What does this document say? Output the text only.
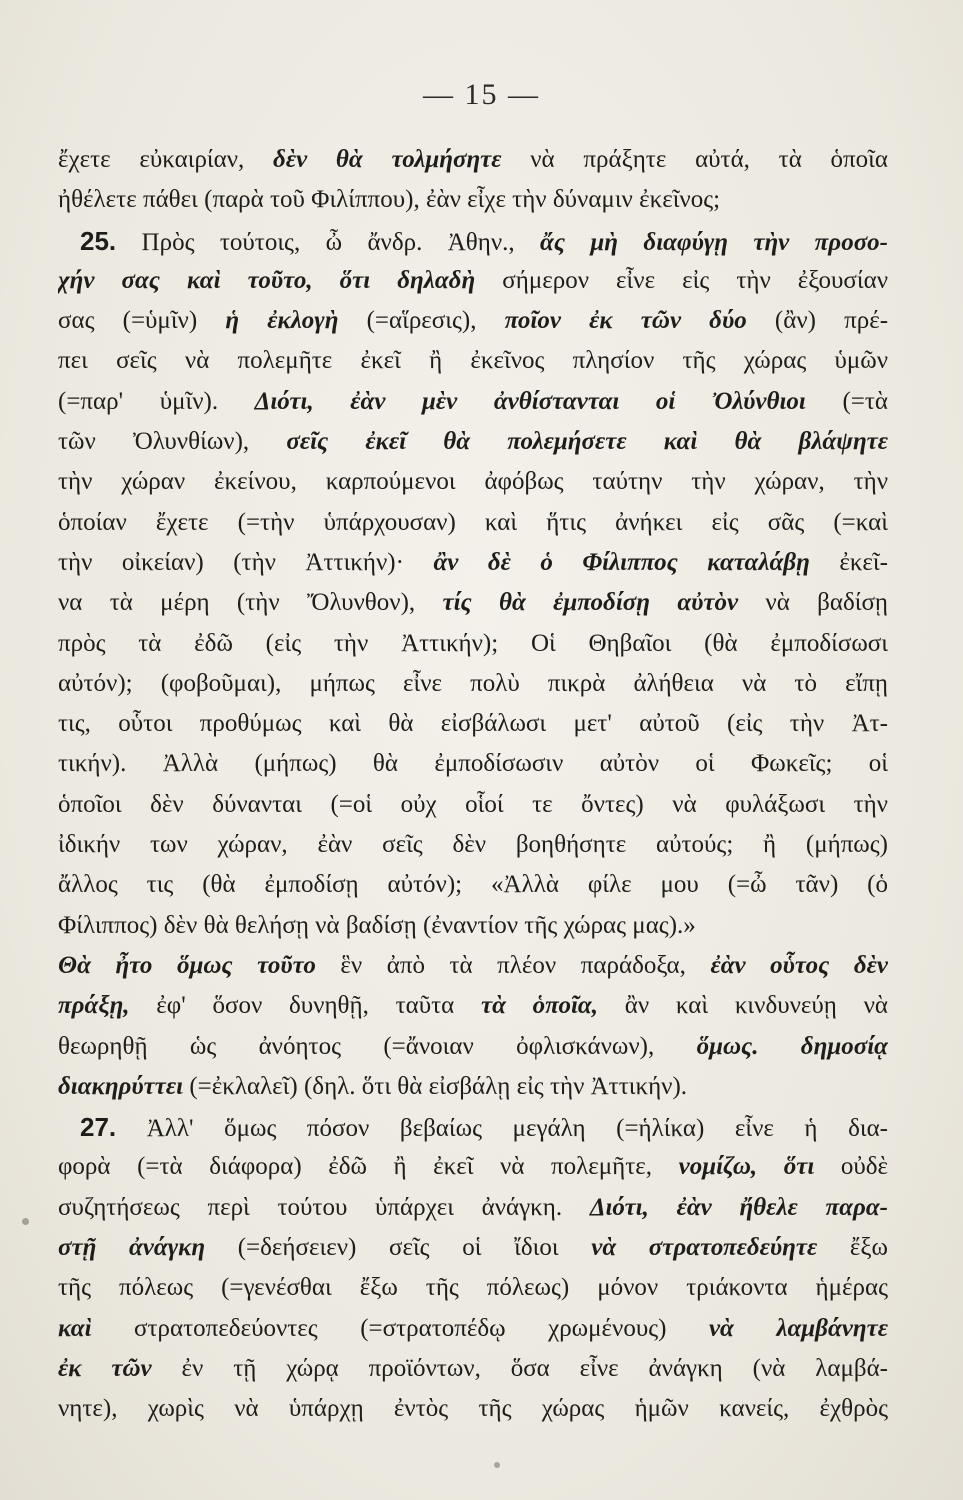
— 15 —
ἔχετε εὐκαιρίαν, δὲν θὰ τολμήσητε νὰ πράξητε αὐτά, τὰ ὁποῖα
ἠθέλετε πάθει (παρὰ τοῦ Φιλίππου), ἐὰν εἶχε τὴν δύναμιν ἐκεῖνος;
25. Πρὸς τούτοις, ὦ ἄνδρ. Ἀθην., ἄς μὴ διαφύγῃ τὴν προσο-
χήν σας καὶ τοῦτο, ὅτι δηλαδὴ σήμερον εἶνε εἰς τὴν ἐξουσίαν
σας (=ὑμῖν) ἡ ἐκλογὴ (=αἵρεσις), ποῖον ἐκ τῶν δύο (ἂν) πρέ-
πει σεῖς νὰ πολεμῆτε ἐκεῖ ἢ ἐκεῖνος πλησίον τῆς χώρας ὑμῶν
(=παρ' ὑμῖν). Διότι, ἐὰν μὲν ἀνθίστανται οἱ Ὀλύνθιοι (=τὰ
τῶν Ὀλυνθίων), σεῖς ἐκεῖ θὰ πολεμήσετε καὶ θὰ βλάψητε
τὴν χώραν ἐκείνου, καρπούμενοι ἀφόβως ταύτην τὴν χώραν, τὴν
ὁποίαν ἔχετε (=τὴν ὑπάρχουσαν) καὶ ἥτις ἀνήκει εἰς σᾶς (=καὶ
τὴν οἰκείαν) (τὴν Ἀττικήν)· ἂν δὲ ὁ Φίλιππος καταλάβῃ ἐκεῖ-
να τὰ μέρη (τὴν Ὄλυνθον), τίς θὰ ἐμποδίσῃ αὐτὸν νὰ βαδίσῃ
πρὸς τὰ ἐδῶ (εἰς τὴν Ἀττικήν); Οἱ Θηβαῖοι (θὰ ἐμποδίσωσι
αὐτόν); (φοβοῦμαι), μήπως εἶνε πολὺ πικρὰ ἀλήθεια νὰ τὸ εἴπῃ
τις, οὗτοι προθύμως καὶ θὰ εἰσβάλωσι μετ' αὐτοῦ (εἰς τὴν Ἀτ-
τικήν). Ἀλλὰ (μήπως) θὰ ἐμποδίσωσιν αὐτὸν οἱ Φωκεῖς; οἱ
ὁποῖοι δὲν δύνανται (=οἱ οὐχ οἷοί τε ὄντες) νὰ φυλάξωσι τὴν
ἰδικήν των χώραν, ἐὰν σεῖς δὲν βοηθήσητε αὐτούς; ἢ (μήπως)
ἄλλος τις (θὰ ἐμποδίσῃ αὐτόν); «Ἀλλὰ φίλε μου (=ὦ τᾶν) (ὁ
Φίλιππος) δὲν θὰ θελήσῃ νὰ βαδίσῃ (ἐναντίον τῆς χώρας μας).»
Θὰ ἦτο ὅμως τοῦτο ἓν ἀπὸ τὰ πλέον παράδοξα, ἐὰν οὗτος δὲν
πράξῃ, ἐφ' ὅσον δυνηθῇ, ταῦτα τὰ ὁποῖα, ἂν καὶ κινδυνεύῃ νὰ
θεωρηθῇ ὡς ἀνόητος (=ἄνοιαν ὀφλισκάνων), ὅμως. δημοσίᾳ
διακηρύττει (=ἐκλαλεῖ) (δηλ. ὅτι θὰ εἰσβάλῃ εἰς τὴν Ἀττικήν).
27. Ἀλλ' ὅμως πόσον βεβαίως μεγάλη (=ἡλίκα) εἶνε ἡ δια-
φορὰ (=τὰ διάφορα) ἐδῶ ἢ ἐκεῖ νὰ πολεμῆτε, νομίζω, ὅτι οὐδὲ
συζητήσεως περὶ τούτου ὑπάρχει ἀνάγκη. Διότι, ἐὰν ἤθελε παρα-
στῇ ἀνάγκη (=δεήσειεν) σεῖς οἱ ἴδιοι νὰ στρατοπεδεύητε ἔξω
τῆς πόλεως (=γενέσθαι ἔξω τῆς πόλεως) μόνον τριάκοντα ἡμέρας
καὶ στρατοπεδεύοντες (=στρατοπέδῳ χρωμένους) νὰ λαμβάνητε
ἐκ τῶν ἐν τῇ χώρᾳ προϊόντων, ὅσα εἶνε ἀνάγκη (νὰ λαμβά-
νητε), χωρὶς νὰ ὑπάρχῃ ἐντὸς τῆς χώρας ἡμῶν κανείς, ἐχθρὸς
